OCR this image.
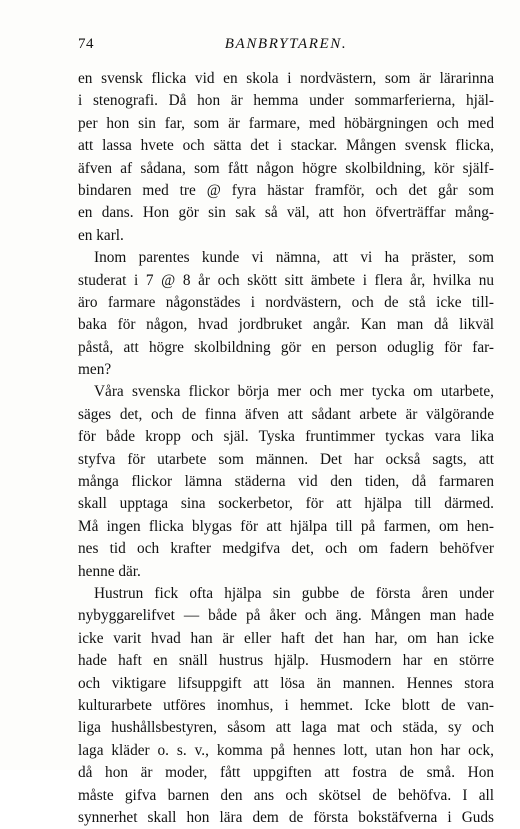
74	BANBRYTAREN.
en svensk flicka vid en skola i nordvästern, som är lärarinna
i stenografi. Då hon är hemma under sommarferierna, hjäl-
per hon sin far, som är farmare, med höbärgningen och med
att lassa hvete och sätta det i stackar. Mången svensk flicka,
äfven af sådana, som fått någon högre skolbildning, kör själf-
bindaren med tre @ fyra hästar framför, och det går som
en dans. Hon gör sin sak så väl, att hon öfverträffar mång-
en karl.
Inom parentes kunde vi nämna, att vi ha präster, som
studerat i 7 @ 8 år och skött sitt ämbete i flera år, hvilka nu
äro farmare någonstädes i nordvästern, och de stå icke till-
baka för någon, hvad jordbruket angår. Kan man då likväl
påstå, att högre skolbildning gör en person oduglig för far-
men?
Våra svenska flickor börja mer och mer tycka om utarbete,
säges det, och de finna äfven att sådant arbete är välgörande
för både kropp och själ. Tyska fruntimmer tyckas vara lika
styfva för utarbete som männen. Det har också sagts, att
många flickor lämna städerna vid den tiden, då farmaren
skall upptaga sina sockerbetor, för att hjälpa till därmed.
Må ingen flicka blygas för att hjälpa till på farmen, om hen-
nes tid och krafter medgifva det, och om fadern behöfver
henne där.
Hustrun fick ofta hjälpa sin gubbe de första åren under
nybyggarelifvet — både på åker och äng. Mången man hade
icke varit hvad han är eller haft det han har, om han icke
hade haft en snäll hustrus hjälp. Husmodern har en större
och viktigare lifsuppgift att lösa än mannen. Hennes stora
kulturarbete utföres inomhus, i hemmet. Icke blott de van-
liga hushållsbestyren, såsom att laga mat och städa, sy och
laga kläder o. s. v., komma på hennes lott, utan hon har ock,
då hon är moder, fått uppgiften att fostra de små. Hon
måste gifva barnen den ans och skötsel de behöfva. I all
synnerhet skall hon lära dem de första bokstäfverna i Guds
